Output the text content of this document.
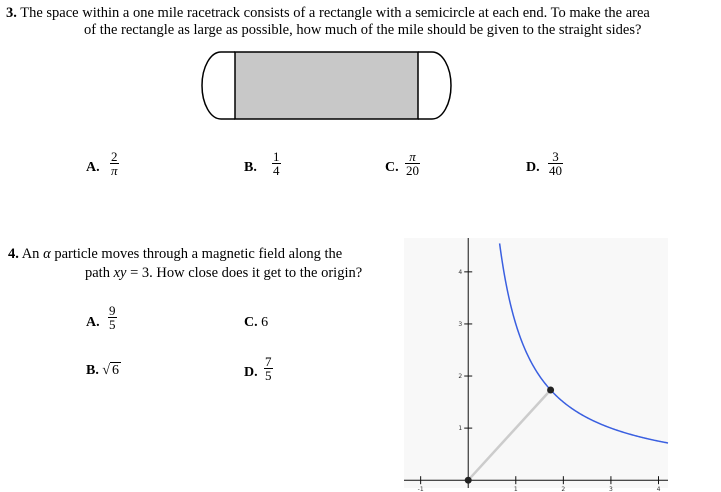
3. The space within a one mile racetrack consists of a rectangle with a semicircle at each end. To make the area
of the rectangle as large as possible, how much of the mile should be given to the straight sides?
A. $\frac{2}{\pi}$	B. $\frac{1}{4}$	C. $\frac{\pi}{20}$	D. $\frac{3}{40}$
4. An α particle moves through a magnetic field along the
path xy = 3. How close does it get to the origin?
A. $\frac{9}{5}$	C. 6
B. √ 6	D. $\frac{7}{5}$
-1	1	2	3	4
1
2
3
4
